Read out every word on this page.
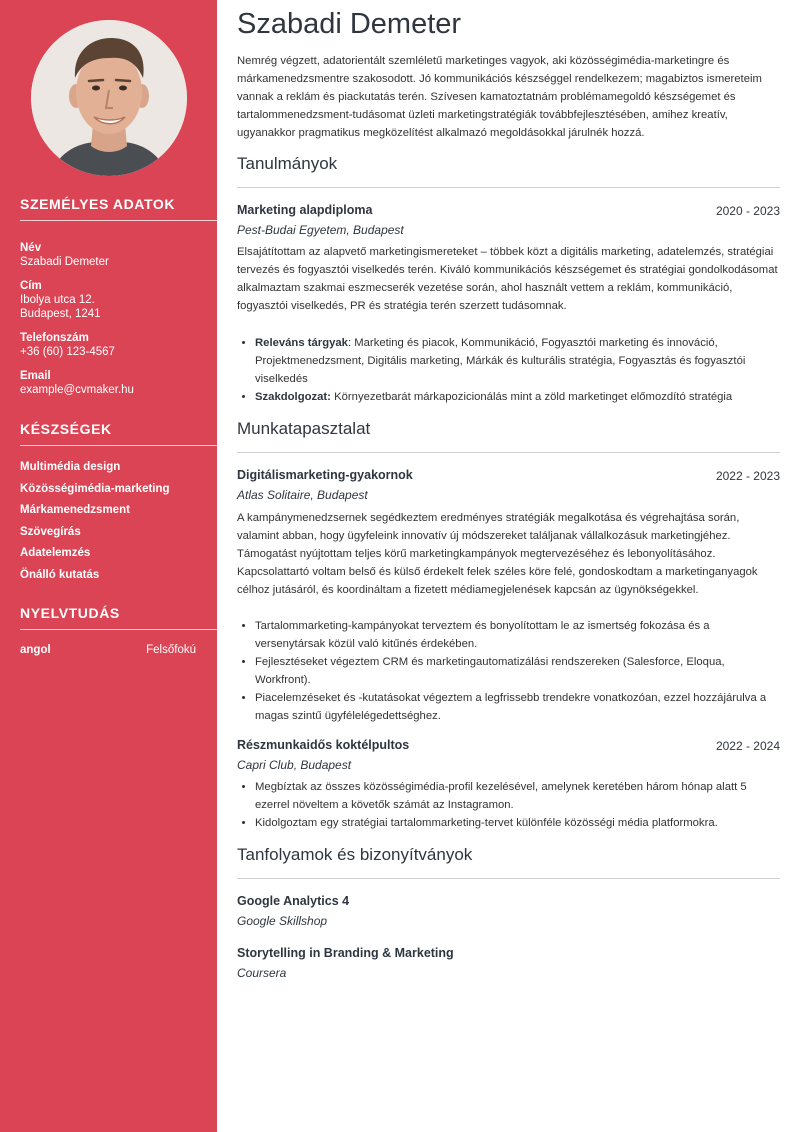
SZEMÉLYES ADATOK
Név
Szabadi Demeter
Cím
Ibolya utca 12.
Budapest, 1241
Telefonszám
+36 (60) 123-4567
Email
example@cvmaker.hu
KÉSZSÉGEK
Multimédia design
Közösségimédia-marketing
Márkamenedzsment
Szövegírás
Adatelemzés
Önálló kutatás
NYELVTUDÁS
angol	Felsőfokú
Szabadi Demeter
Nemrég végzett, adatorientált szemléletű marketinges vagyok, aki közösségimédia-marketingre és márkamenedzsmentre szakosodott. Jó kommunikációs készséggel rendelkezem; magabiztos ismereteim vannak a reklám és piackutatás terén. Szívesen kamatoztatnám problémamegoldó készségemet és tartalommenedzsment-tudásomat üzleti marketingstratégiák továbbfejlesztésében, amihez kreatív, ugyanakkor pragmatikus megközelítést alkalmazó megoldásokkal járulnék hozzá.
Tanulmányok
Marketing alapdiploma	2020 - 2023
Pest-Budai Egyetem, Budapest
Elsajátítottam az alapvető marketingismereteket – többek közt a digitális marketing, adatelemzés, stratégiai tervezés és fogyasztói viselkedés terén. Kiváló kommunikációs készségemet és stratégiai gondolkodásomat alkalmaztam szakmai eszmecserék vezetése során, ahol használt vettem a reklám, kommunikáció, fogyasztói viselkedés, PR és stratégia terén szerzett tudásomnak.
• Releváns tárgyak: Marketing és piacok, Kommunikáció, Fogyasztói marketing és innováció, Projektmenedzsment, Digitális marketing, Márkák és kulturális stratégia, Fogyasztás és fogyasztói viselkedés
• Szakdolgozat: Környezetbarát márkapozicionálás mint a zöld marketinget előmozdító stratégia
Munkatapasztalat
Digitálismarketing-gyakornok	2022 - 2023
Atlas Solitaire, Budapest
A kampánymenedzsernek segédkeztem eredményes stratégiák megalkotása és végrehajtása során, valamint abban, hogy ügyfeleink innovatív új módszereket találjanak vállalkozásuk marketingjéhez. Támogatást nyújtottam teljes körű marketingkampányok megtervezéséhez és lebonyolításához. Kapcsolattartó voltam belső és külső érdekelt felek széles köre felé, gondoskodtam a marketinganyagok célhoz jutásáról, és koordináltam a fizetett médiamegjelenések kapcsán az ügynökségekkel.
• Tartalommarketing-kampányokat terveztem és bonyolítottam le az ismertség fokozása és a versenytársak közül való kitűnés érdekében.
• Fejlesztéseket végeztem CRM és marketingautomatizálási rendszereken (Salesforce, Eloqua, Workfront).
• Piacelemzéseket és -kutatásokat végeztem a legfrissebb trendekre vonatkozóan, ezzel hozzájárulva a magas szintű ügyfélelégedettséghez.
Részmunkaidős koktélpultos	2022 - 2024
Capri Club, Budapest
• Megbíztak az összes közösségimédia-profil kezelésével, amelynek keretében három hónap alatt 5 ezerrel növeltem a követők számát az Instagramon.
• Kidolgoztam egy stratégiai tartalommarketing-tervet különféle közösségi média platformokra.
Tanfolyamok és bizonyítványok
Google Analytics 4
Google Skillshop
Storytelling in Branding & Marketing
Coursera
